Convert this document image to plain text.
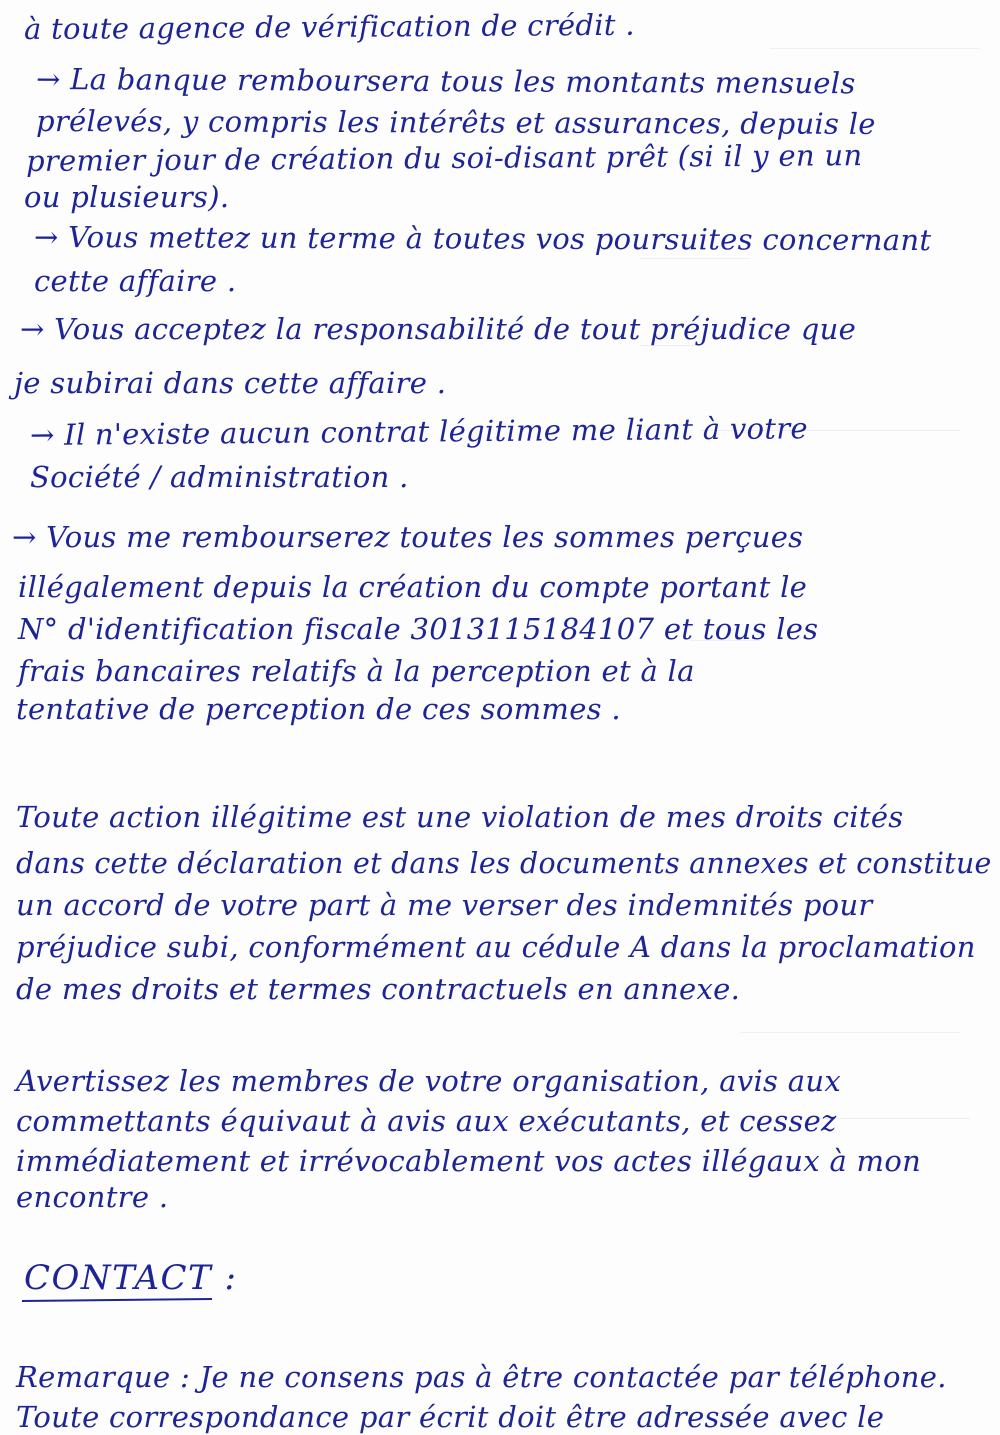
à toute agence de vérification de crédit .
→ La banque remboursera tous les montants mensuels
prélevés, y compris les intérêts et assurances, depuis le
premier jour de création du soi-disant prêt (si il y en un
ou plusieurs).
→ Vous mettez un terme à toutes vos poursuites concernant
cette affaire .
→ Vous acceptez la responsabilité de tout préjudice que
je subirai dans cette affaire .
→ Il n'existe aucun contrat légitime me liant à votre
Société / administration .
→ Vous me rembourserez toutes les sommes perçues
illégalement depuis la création du compte portant le
N° d'identification fiscale 3013115184107 et tous les
frais bancaires relatifs à la perception et à la
tentative de perception de ces sommes .
Toute action illégitime est une violation de mes droits cités
dans cette déclaration et dans les documents annexes et constitue
un accord de votre part à me verser des indemnités pour
préjudice subi, conformément au cédule A dans la proclamation
de mes droits et termes contractuels en annexe.
Avertissez les membres de votre organisation, avis aux
commettants équivaut à avis aux exécutants, et cessez
immédiatement et irrévocablement vos actes illégaux à mon
encontre .
CONTACT :
Remarque : Je ne consens pas à être contactée par téléphone.
Toute correspondance par écrit doit être adressée avec le
